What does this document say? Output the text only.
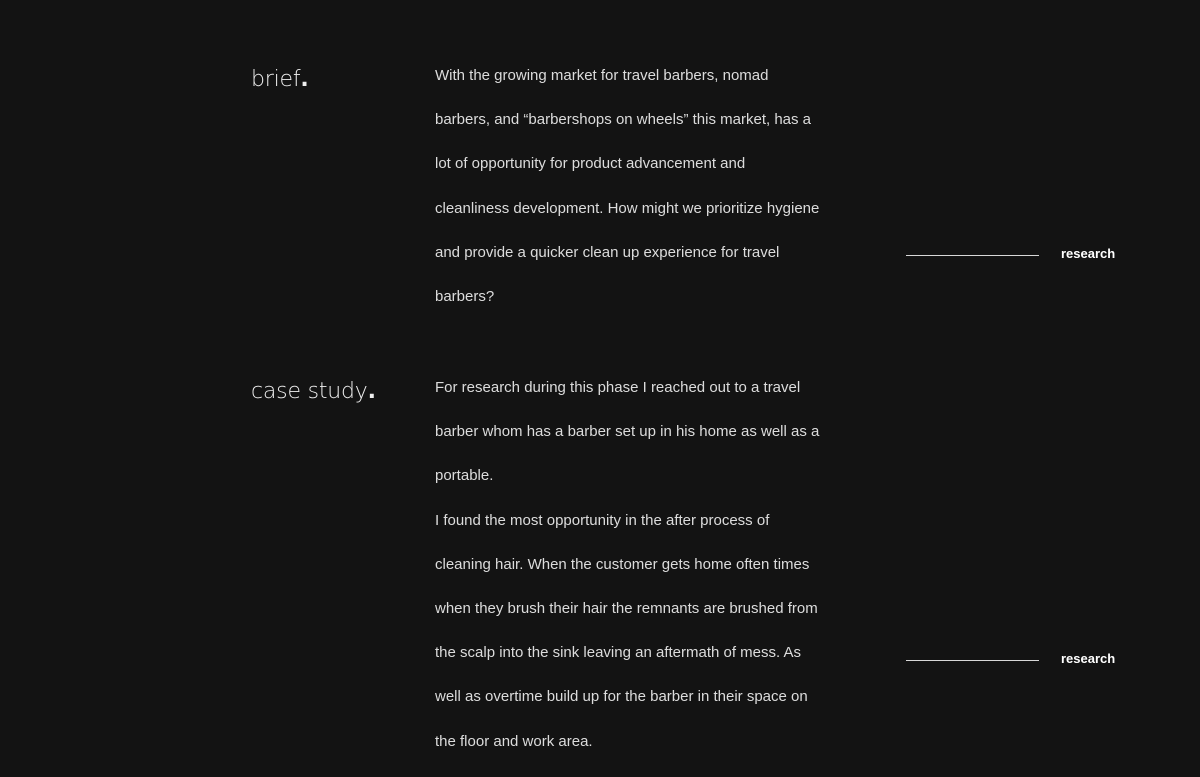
brief.	With the growing market for travel barbers, nomad

barbers, and “barbershops on wheels” this market, has a

lot of opportunity for product advancement and

cleanliness development. How might we prioritize hygiene

and provide a quicker clean up experience for travel

barbers?

research
case study.	For research during this phase I reached out to a travel

barber whom has a barber set up in his home as well as a

portable.

I found the most opportunity in the after process of

cleaning hair. When the customer gets home often times

when they brush their hair the remnants are brushed from

the scalp into the sink leaving an aftermath of mess. As

well as overtime build up for the barber in their space on

the floor and work area.

research
